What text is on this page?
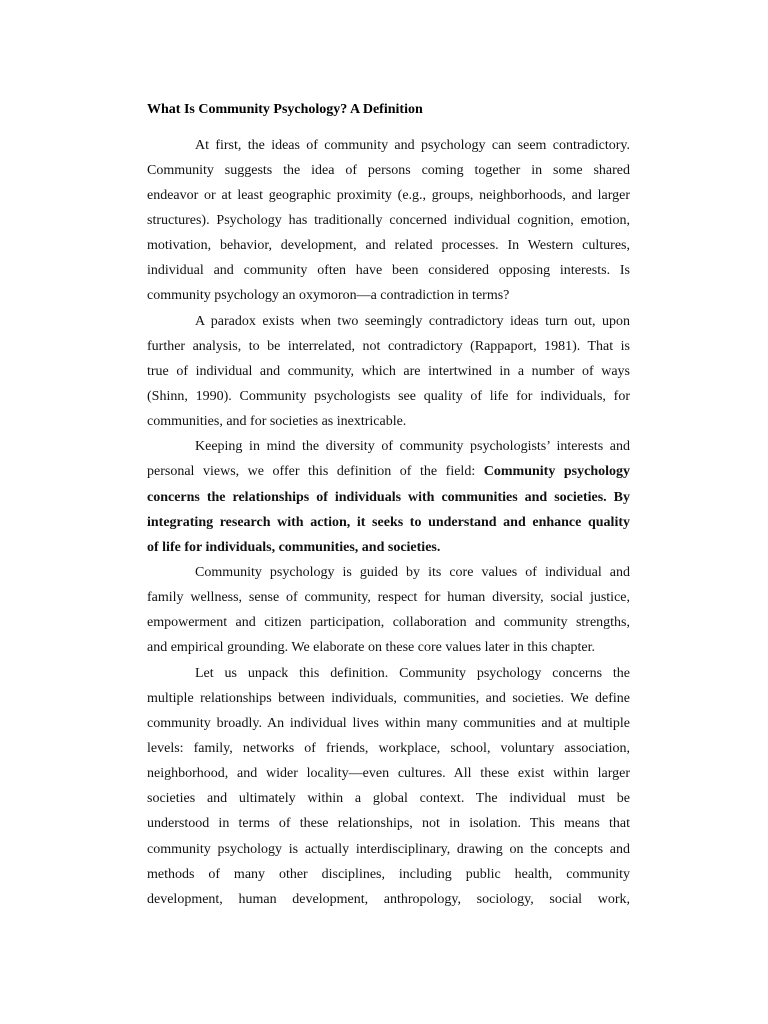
What Is Community Psychology? A Definition
At first, the ideas of community and psychology can seem contradictory.
Community suggests the idea of persons coming together in some shared
endeavor or at least geographic proximity (e.g., groups, neighborhoods, and larger
structures). Psychology has traditionally concerned individual cognition, emotion,
motivation, behavior, development, and related processes. In Western cultures,
individual and community often have been considered opposing interests. Is
community psychology an oxymoron—a contradiction in terms?
A paradox exists when two seemingly contradictory ideas turn out, upon
further analysis, to be interrelated, not contradictory (Rappaport, 1981). That is
true of individual and community, which are intertwined in a number of ways
(Shinn, 1990). Community psychologists see quality of life for individuals, for
communities, and for societies as inextricable.
Keeping in mind the diversity of community psychologists’ interests and
personal views, we offer this definition of the field: Community psychology
concerns the relationships of individuals with communities and societies. By
integrating research with action, it seeks to understand and enhance quality
of life for individuals, communities, and societies.
Community psychology is guided by its core values of individual and
family wellness, sense of community, respect for human diversity, social justice,
empowerment and citizen participation, collaboration and community strengths,
and empirical grounding. We elaborate on these core values later in this chapter.
Let us unpack this definition. Community psychology concerns the
multiple relationships between individuals, communities, and societies. We define
community broadly. An individual lives within many communities and at multiple
levels: family, networks of friends, workplace, school, voluntary association,
neighborhood, and wider locality—even cultures. All these exist within larger
societies and ultimately within a global context. The individual must be
understood in terms of these relationships, not in isolation. This means that
community psychology is actually interdisciplinary, drawing on the concepts and
methods of many other disciplines, including public health, community
development, human development, anthropology, sociology, social work,
